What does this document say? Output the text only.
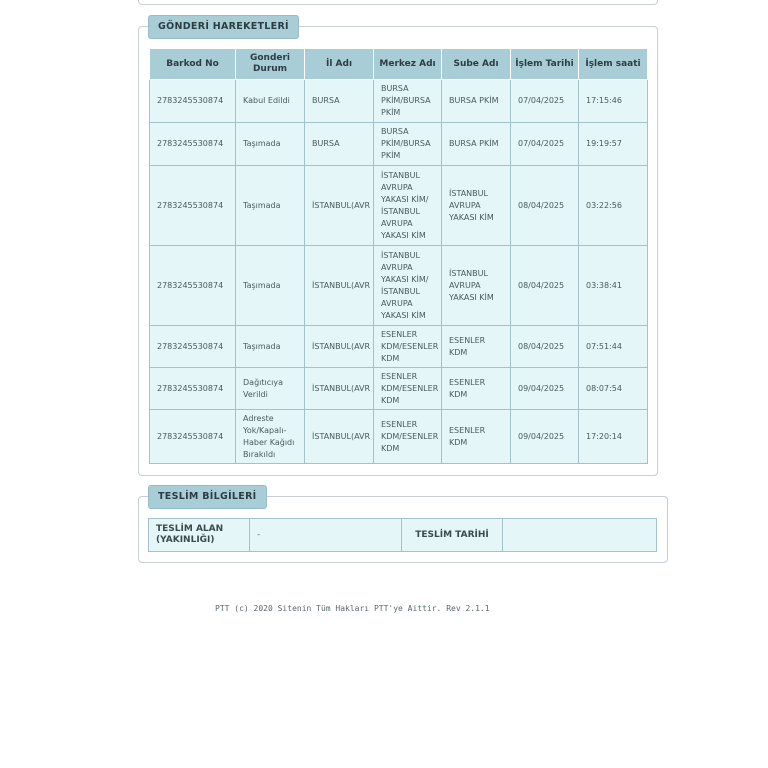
GÖNDERİ HAREKETLERİ
Barkod No	Gonderi Durum	İl Adı	Merkez Adı	Sube Adı	İşlem Tarihi	İşlem saati
2783245530874	Kabul Edildi	BURSA	BURSA PKİM/BURSA PKİM	BURSA PKİM	07/04/2025	17:15:46
2783245530874	Taşımada	BURSA	BURSA PKİM/BURSA PKİM	BURSA PKİM	07/04/2025	19:19:57
2783245530874	Taşımada	İSTANBUL(AVR	İSTANBUL AVRUPA YAKASI KİM/ İSTANBUL AVRUPA YAKASI KİM	İSTANBUL AVRUPA YAKASI KİM	08/04/2025	03:22:56
2783245530874	Taşımada	İSTANBUL(AVR	İSTANBUL AVRUPA YAKASI KİM/ İSTANBUL AVRUPA YAKASI KİM	İSTANBUL AVRUPA YAKASI KİM	08/04/2025	03:38:41
2783245530874	Taşımada	İSTANBUL(AVR	ESENLER KDM/ESENLER KDM	ESENLER KDM	08/04/2025	07:51:44
2783245530874	Dağıtıcıya Verildi	İSTANBUL(AVR	ESENLER KDM/ESENLER KDM	ESENLER KDM	09/04/2025	08:07:54
2783245530874	Adreste Yok/Kapalı-Haber Kağıdı Bırakıldı	İSTANBUL(AVR	ESENLER KDM/ESENLER KDM	ESENLER KDM	09/04/2025	17:20:14
TESLİM BİLGİLERİ
TESLİM ALAN (YAKINLIĞI)	-	TESLİM TARİHİ	
PTT (c) 2020 Sitenin Tüm Hakları PTT'ye Aittir. Rev 2.1.1
